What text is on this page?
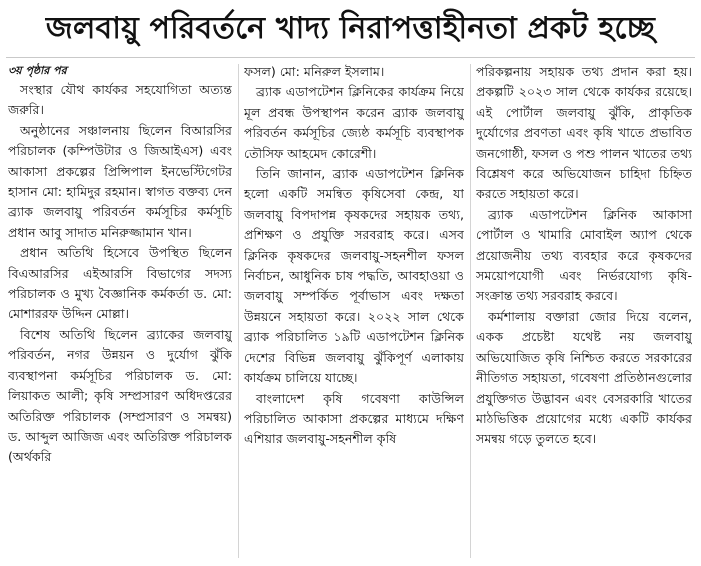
জলবায়ু পরিবর্তনে খাদ্য নিরাপত্তাহীনতা প্রকট হচ্ছে
৩য় পৃষ্ঠার পর

সংস্থার যৌথ কার্যকর সহযোগিতা অত্যন্ত জরুরি।

অনুষ্ঠানের সঞ্চালনায় ছিলেন বিআরসির পরিচালক (কম্পিউটার ও জিআইএস) এবং আকাসা প্রকল্পের প্রিন্সিপাল ইনভেস্টিগেটর হাসান মো: হামিদুর রহমান। স্বাগত বক্তব্য দেন ব্র্যাক জলবায়ু পরিবর্তন কর্মসূচির কর্মসূচি প্রধান আবু সাদাত মনিরুজ্জামান খান।

প্রধান অতিথি হিসেবে উপস্থিত ছিলেন বিএআরসির এইআরসি বিভাগের সদস্য পরিচালক ও মুখ্য বৈজ্ঞানিক কর্মকর্তা ড. মো: মোশাররফ উদ্দিন মোল্লা।

বিশেষ অতিথি ছিলেন ব্র্যাকের জলবায়ু পরিবর্তন, নগর উন্নয়ন ও দুর্যোগ ঝুঁকি ব্যবস্থাপনা কর্মসূচির পরিচালক ড. মো: লিয়াকত আলী; কৃষি সম্প্রসারণ অধিদপ্তরের অতিরিক্ত পরিচালক (সম্প্রসারণ ও সমন্বয়) ড. আব্দুল আজিজ এবং অতিরিক্ত পরিচালক (অর্থকরি

ফসল) মো: মনিরুল ইসলাম।

ব্র্যাক এডাপটেশন ক্লিনিকের কার্যক্রম নিয়ে মূল প্রবন্ধ উপস্থাপন করেন ব্র্যাক জলবায়ু পরিবর্তন কর্মসূচির জ্যেষ্ঠ কর্মসূচি ব্যবস্থাপক তৌসিফ আহমেদ কোরেশী।

তিনি জানান, ব্র্যাক এডাপটেশন ক্লিনিক হলো একটি সমন্বিত কৃষিসেবা কেন্দ্র, যা জলবায়ু বিপদাপন্ন কৃষকদের সহায়ক তথ্য, প্রশিক্ষণ ও প্রযুক্তি সরবরাহ করে। এসব ক্লিনিক কৃষকদের জলবায়ু-সহনশীল ফসল নির্বাচন, আধুনিক চাষ পদ্ধতি, আবহাওয়া ও জলবায়ু সম্পর্কিত পূর্বাভাস এবং দক্ষতা উন্নয়নে সহায়তা করে। ২০২২ সাল থেকে ব্র্যাক পরিচালিত ১৯টি এডাপটেশন ক্লিনিক দেশের বিভিন্ন জলবায়ু ঝুঁকিপূর্ণ এলাকায় কার্যক্রম চালিয়ে যাচ্ছে।

বাংলাদেশ কৃষি গবেষণা কাউন্সিল পরিচালিত আকাসা প্রকল্পের মাধ্যমে দক্ষিণ এশিয়ার জলবায়ু-সহনশীল কৃষি

পরিকল্পনায় সহায়ক তথ্য প্রদান করা হয়। প্রকল্পটি ২০২৩ সাল থেকে কার্যকর রয়েছে। এই পোর্টাল জলবায়ু ঝুঁকি, প্রাকৃতিক দুর্যোগের প্রবণতা এবং কৃষি খাতে প্রভাবিত জনগোষ্ঠী, ফসল ও পশু পালন খাতের তথ্য বিশ্লেষণ করে অভিযোজন চাহিদা চিহ্নিত করতে সহায়তা করে।

ব্র্যাক এডাপটেশন ক্লিনিক আকাসা পোর্টাল ও খামারি মোবাইল অ্যাপ থেকে প্রয়োজনীয় তথ্য ব্যবহার করে কৃষকদের সময়োপযোগী এবং নির্ভরযোগ্য কৃষি-সংক্রান্ত তথ্য সরবরাহ করবে।

কর্মশালায় বক্তারা জোর দিয়ে বলেন, একক প্রচেষ্টা যথেষ্ট নয় জলবায়ু অভিযোজিত কৃষি নিশ্চিত করতে সরকারের নীতিগত সহায়তা, গবেষণা প্রতিষ্ঠানগুলোর প্রযুক্তিগত উদ্ভাবন এবং বেসরকারি খাতের মাঠভিত্তিক প্রয়োগের মধ্যে একটি কার্যকর সমন্বয় গড়ে তুলতে হবে।
